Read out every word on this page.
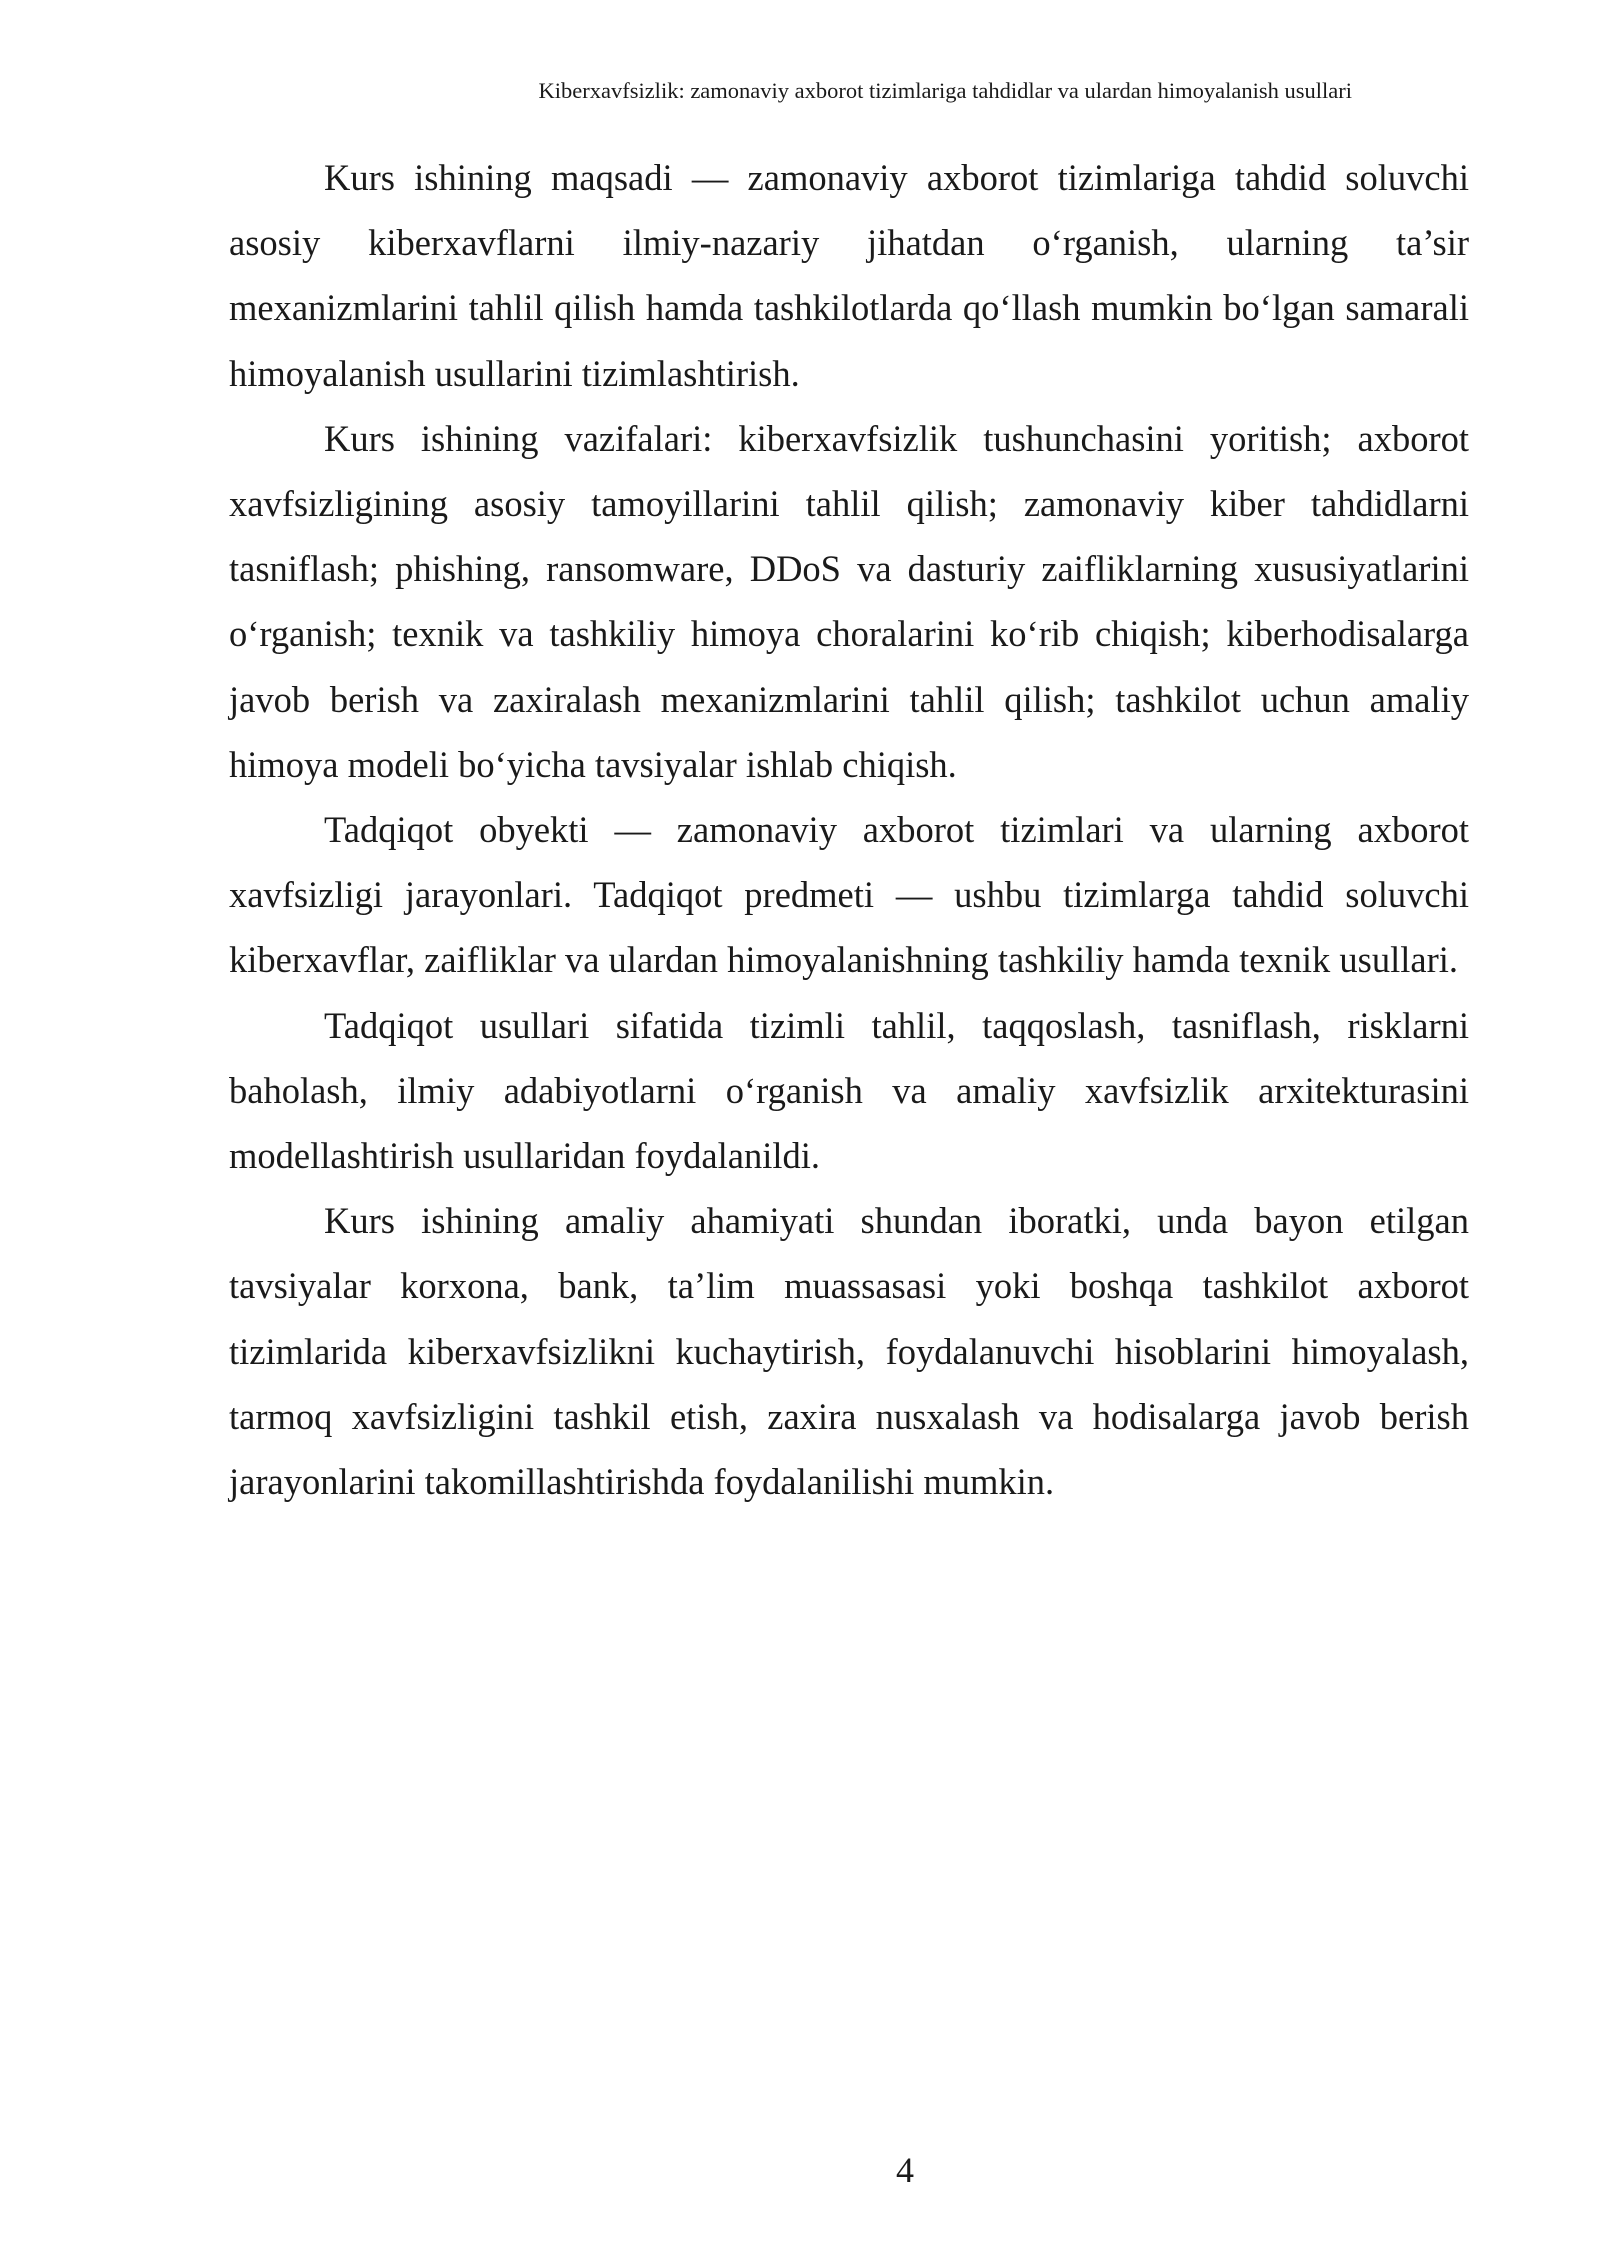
Kiberxavfsizlik: zamonaviy axborot tizimlariga tahdidlar va ulardan himoyalanish usullari

Kurs ishining maqsadi — zamonaviy axborot tizimlariga tahdid soluvchi asosiy kiberxavflarni ilmiy-nazariy jihatdan o‘rganish, ularning ta’sir mexanizmlarini tahlil qilish hamda tashkilotlarda qo‘llash mumkin bo‘lgan samarali himoyalanish usullarini tizimlashtirish.

Kurs ishining vazifalari: kiberxavfsizlik tushunchasini yoritish; axborot xavfsizligining asosiy tamoyillarini tahlil qilish; zamonaviy kiber tahdidlarni tasniflash; phishing, ransomware, DDoS va dasturiy zaifliklarning xususiyatlarini o‘rganish; texnik va tashkiliy himoya choralarini ko‘rib chiqish; kiberhodisalarga javob berish va zaxiralash mexanizmlarini tahlil qilish; tashkilot uchun amaliy himoya modeli bo‘yicha tavsiyalar ishlab chiqish.

Tadqiqot obyekti — zamonaviy axborot tizimlari va ularning axborot xavfsizligi jarayonlari. Tadqiqot predmeti — ushbu tizimlarga tahdid soluvchi kiberxavflar, zaifliklar va ulardan himoyalanishning tashkiliy hamda texnik usullari.

Tadqiqot usullari sifatida tizimli tahlil, taqqoslash, tasniflash, risklarni baholash, ilmiy adabiyotlarni o‘rganish va amaliy xavfsizlik arxitekturasini modellashtirish usullaridan foydalanildi.

Kurs ishining amaliy ahamiyati shundan iboratki, unda bayon etilgan tavsiyalar korxona, bank, ta’lim muassasasi yoki boshqa tashkilot axborot tizimlarida kiberxavfsizlikni kuchaytirish, foydalanuvchi hisoblarini himoyalash, tarmoq xavfsizligini tashkil etish, zaxira nusxalash va hodisalarga javob berish jarayonlarini takomillashtirishda foydalanilishi mumkin.

4
